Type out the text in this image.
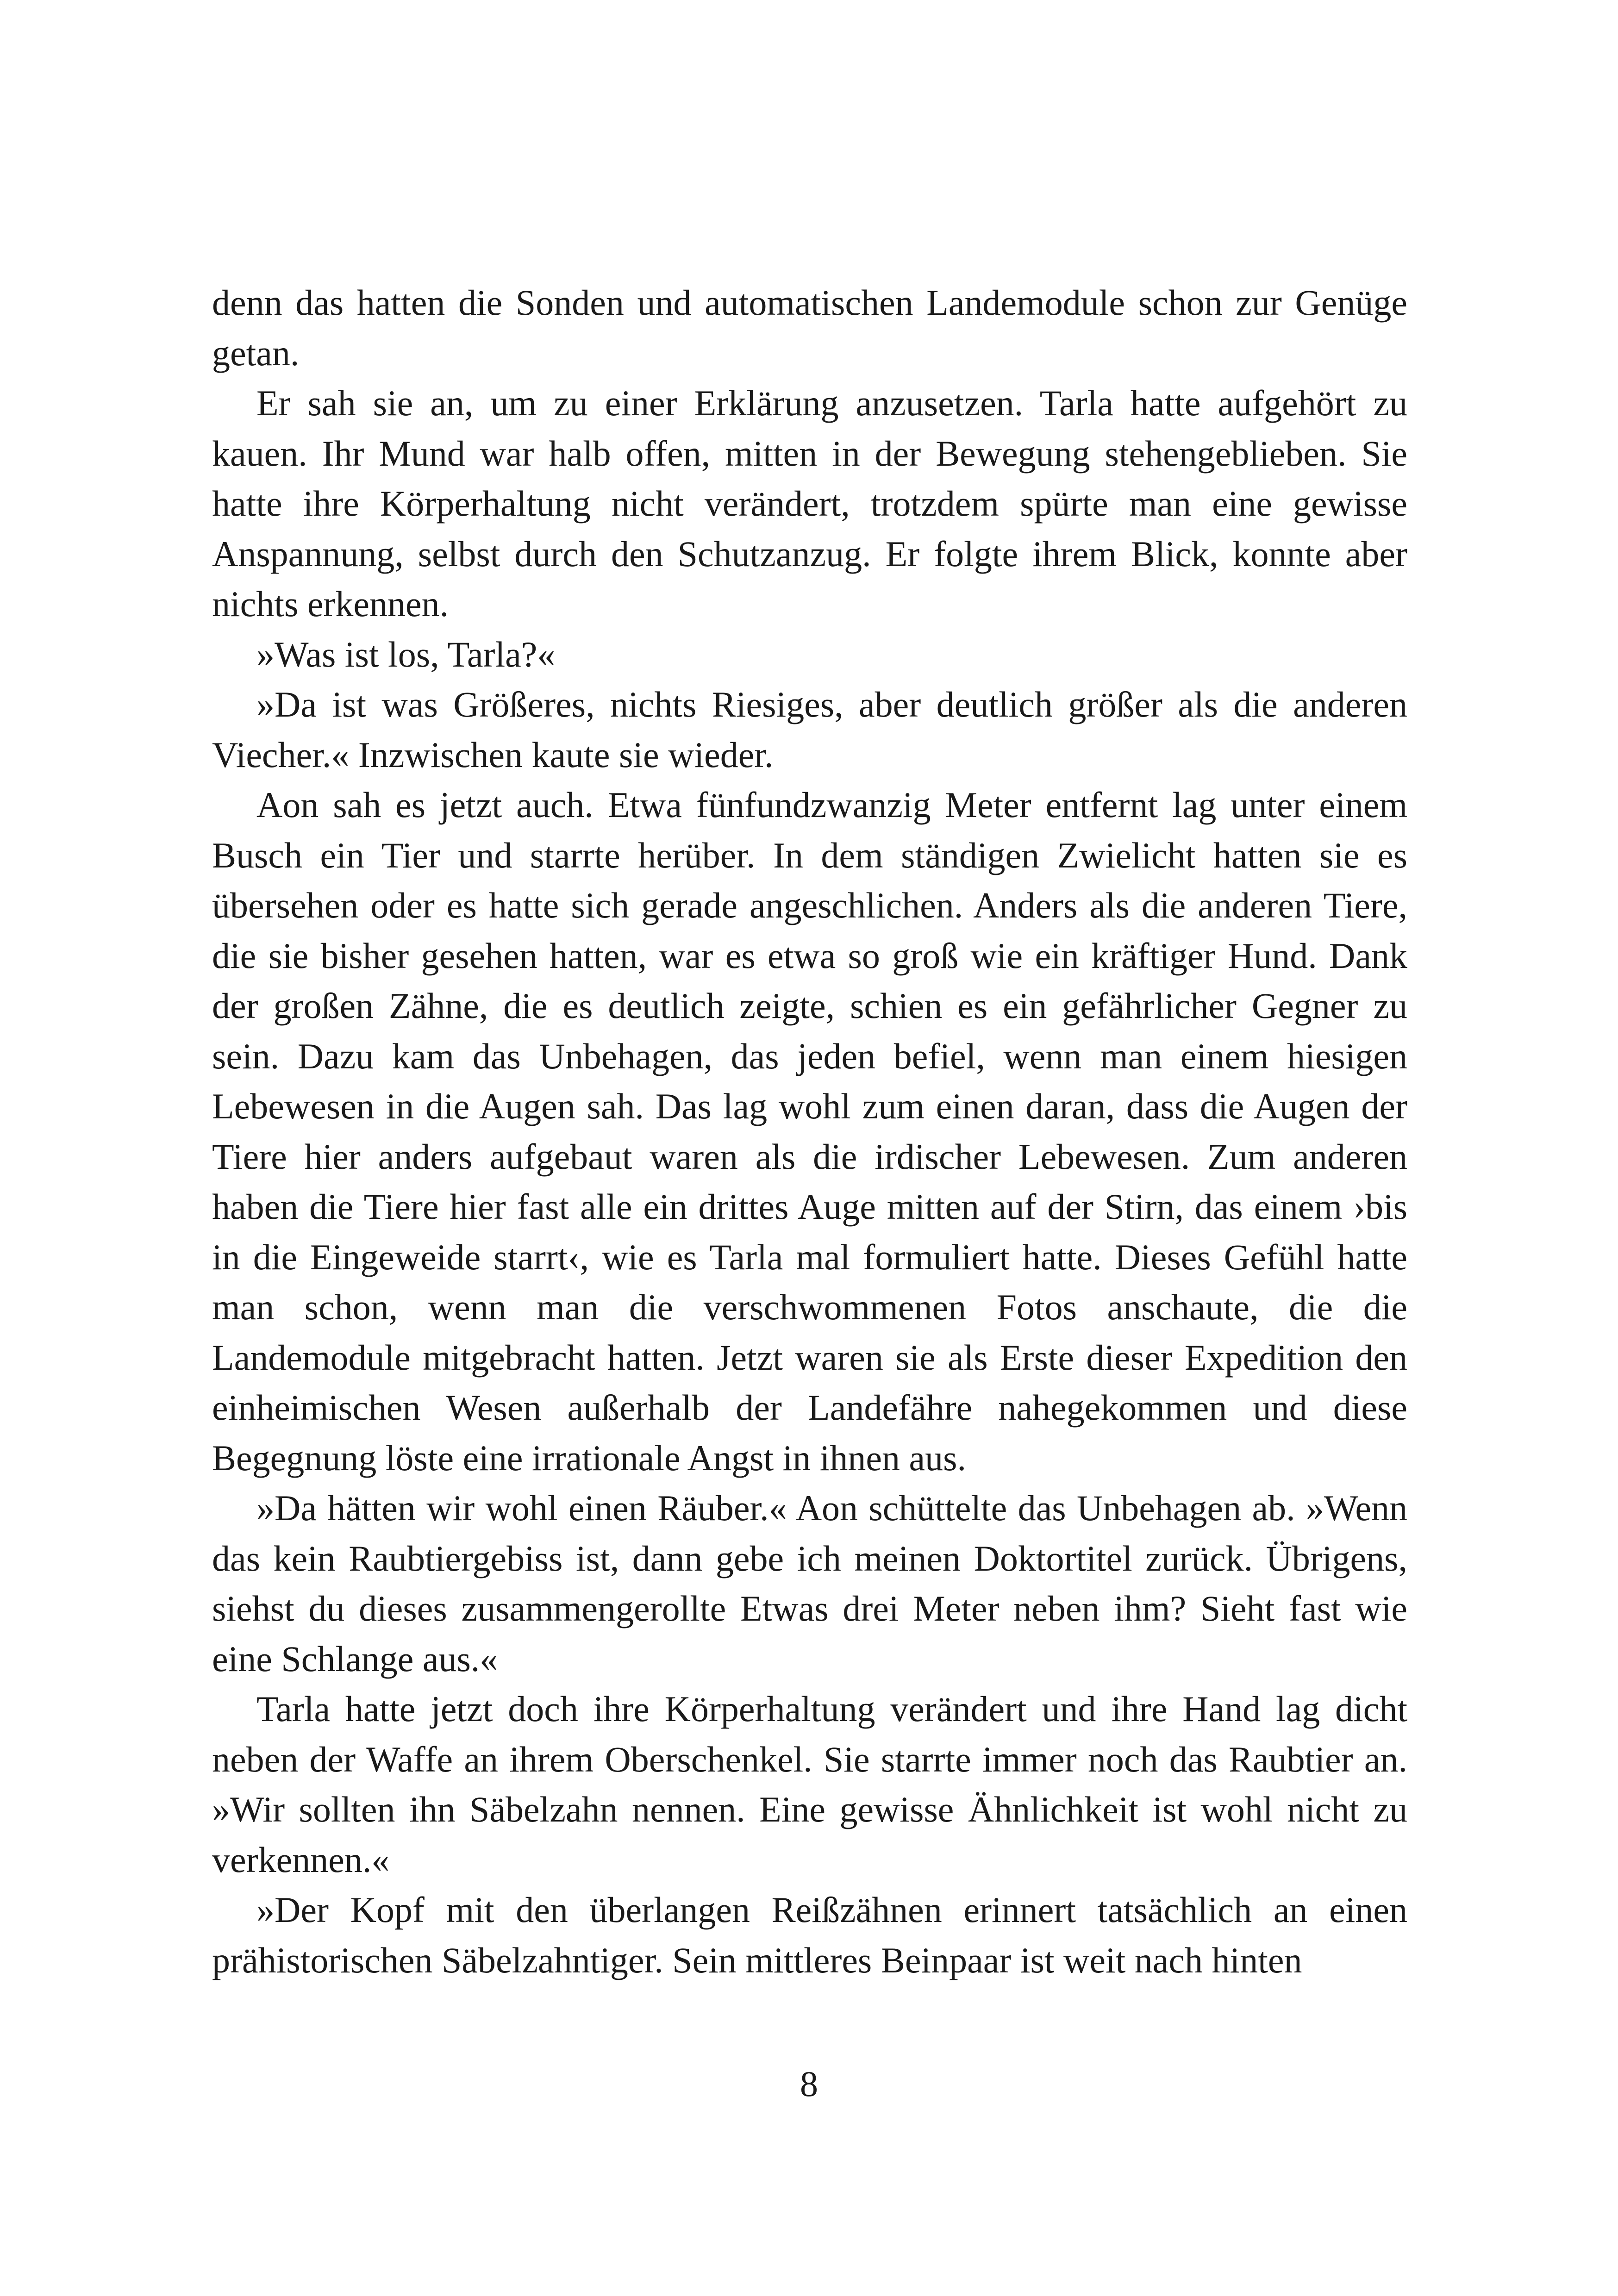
denn das hatten die Sonden und automatischen Landemodule schon zur Genüge getan.

Er sah sie an, um zu einer Erklärung anzusetzen. Tarla hatte aufgehört zu kauen. Ihr Mund war halb offen, mitten in der Bewegung stehengeblieben. Sie hatte ihre Körperhaltung nicht verändert, trotzdem spürte man eine gewisse Anspannung, selbst durch den Schutzanzug. Er folgte ihrem Blick, konnte aber nichts erkennen.

»Was ist los, Tarla?«

»Da ist was Größeres, nichts Riesiges, aber deutlich größer als die anderen Viecher.« Inzwischen kaute sie wieder.

Aon sah es jetzt auch. Etwa fünfundzwanzig Meter entfernt lag unter einem Busch ein Tier und starrte herüber. In dem ständigen Zwielicht hatten sie es übersehen oder es hatte sich gerade angeschlichen. Anders als die anderen Tiere, die sie bisher gesehen hatten, war es etwa so groß wie ein kräftiger Hund. Dank der großen Zähne, die es deutlich zeigte, schien es ein gefährlicher Gegner zu sein. Dazu kam das Unbehagen, das jeden befiel, wenn man einem hiesigen Lebewesen in die Augen sah. Das lag wohl zum einen daran, dass die Augen der Tiere hier anders aufgebaut waren als die irdischer Lebewesen. Zum anderen haben die Tiere hier fast alle ein drittes Auge mitten auf der Stirn, das einem ›bis in die Eingeweide starrt‹, wie es Tarla mal formuliert hatte. Dieses Gefühl hatte man schon, wenn man die verschwommenen Fotos anschaute, die die Landemodule mitgebracht hatten. Jetzt waren sie als Erste dieser Expedition den einheimischen Wesen außerhalb der Landefähre nahegekommen und diese Begegnung löste eine irrationale Angst in ihnen aus.

»Da hätten wir wohl einen Räuber.« Aon schüttelte das Unbehagen ab. »Wenn das kein Raubtiergebiss ist, dann gebe ich meinen Doktortitel zurück. Übrigens, siehst du dieses zusammengerollte Etwas drei Meter neben ihm? Sieht fast wie eine Schlange aus.«

Tarla hatte jetzt doch ihre Körperhaltung verändert und ihre Hand lag dicht neben der Waffe an ihrem Oberschenkel. Sie starrte immer noch das Raubtier an. »Wir sollten ihn Säbelzahn nennen. Eine gewisse Ähnlichkeit ist wohl nicht zu verkennen.«

»Der Kopf mit den überlangen Reißzähnen erinnert tatsächlich an einen prähistorischen Säbelzahntiger. Sein mittleres Beinpaar ist weit nach hinten

8
